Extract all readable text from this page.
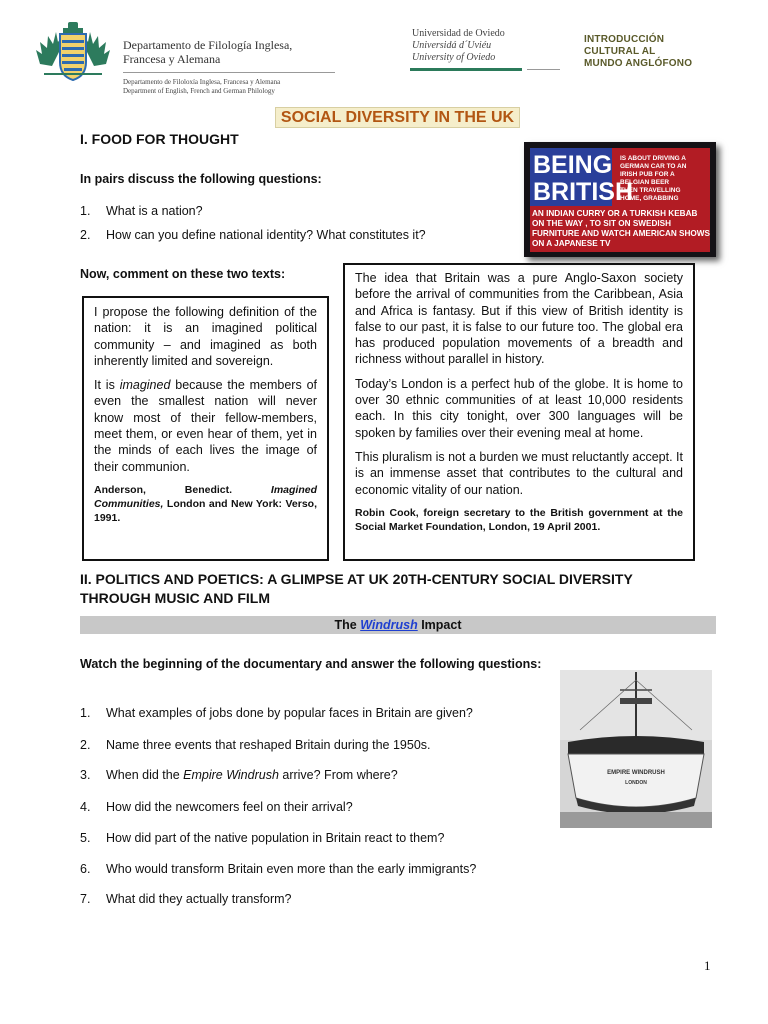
Departamento de Filología Inglesa,
Francesa y Alemana
Departamento de Filoloxía Inglesa, Francesa y Alemana
Department of English, French and German Philology
Universidad de Oviedo
Universidá d´Uviéu
University of Oviedo
INTRODUCCIÓN
CULTURAL AL
MUNDO ANGLÓFONO
SOCIAL DIVERSITY IN THE UK
I. FOOD FOR THOUGHT
In pairs discuss the following questions:
1. What is a nation?
2. How can you define national identity? What constitutes it?
Now, comment on these two texts:
BEING
BRITISH
IS ABOUT DRIVING A
GERMAN CAR TO AN
IRISH PUB FOR A
BELGIAN BEER
THEN TRAVELLING
HOME, GRABBING
AN INDIAN CURRY OR A TURKISH KEBAB
ON THE WAY , TO SIT ON SWEDISH
FURNITURE AND WATCH AMERICAN SHOWS
ON A JAPANESE TV

I propose the following definition of the nation: it is an imagined political community – and imagined as both inherently limited and sovereign.

It is imagined because the members of even the smallest nation will never know most of their fellow-members, meet them, or even hear of them, yet in the minds of each lives the image of their communion.

Anderson, Benedict. Imagined Communities, London and New York: Verso, 1991.

The idea that Britain was a pure Anglo-Saxon society before the arrival of communities from the Caribbean, Asia and Africa is fantasy. But if this view of British identity is false to our past, it is false to our future too. The global era has produced population movements of a breadth and richness without parallel in history.

Today’s London is a perfect hub of the globe. It is home to over 30 ethnic communities of at least 10,000 residents each. In this city tonight, over 300 languages will be spoken by families over their evening meal at home.

This pluralism is not a burden we must reluctantly accept. It is an immense asset that contributes to the cultural and economic vitality of our nation.

Robin Cook, foreign secretary to the British government at the Social Market Foundation, London, 19 April 2001.

II. POLITICS AND POETICS: A GLIMPSE AT UK 20TH-CENTURY SOCIAL DIVERSITY
THROUGH MUSIC AND FILM
The Windrush Impact
Watch the beginning of the documentary and answer the following questions:
1. What examples of jobs done by popular faces in Britain are given?
2. Name three events that reshaped Britain during the 1950s.
3. When did the Empire Windrush arrive? From where?
4. How did the newcomers feel on their arrival?
5. How did part of the native population in Britain react to them?
6. Who would transform Britain even more than the early immigrants?
7. What did they actually transform?
EMPIRE WINDRUSH
LONDON
1
